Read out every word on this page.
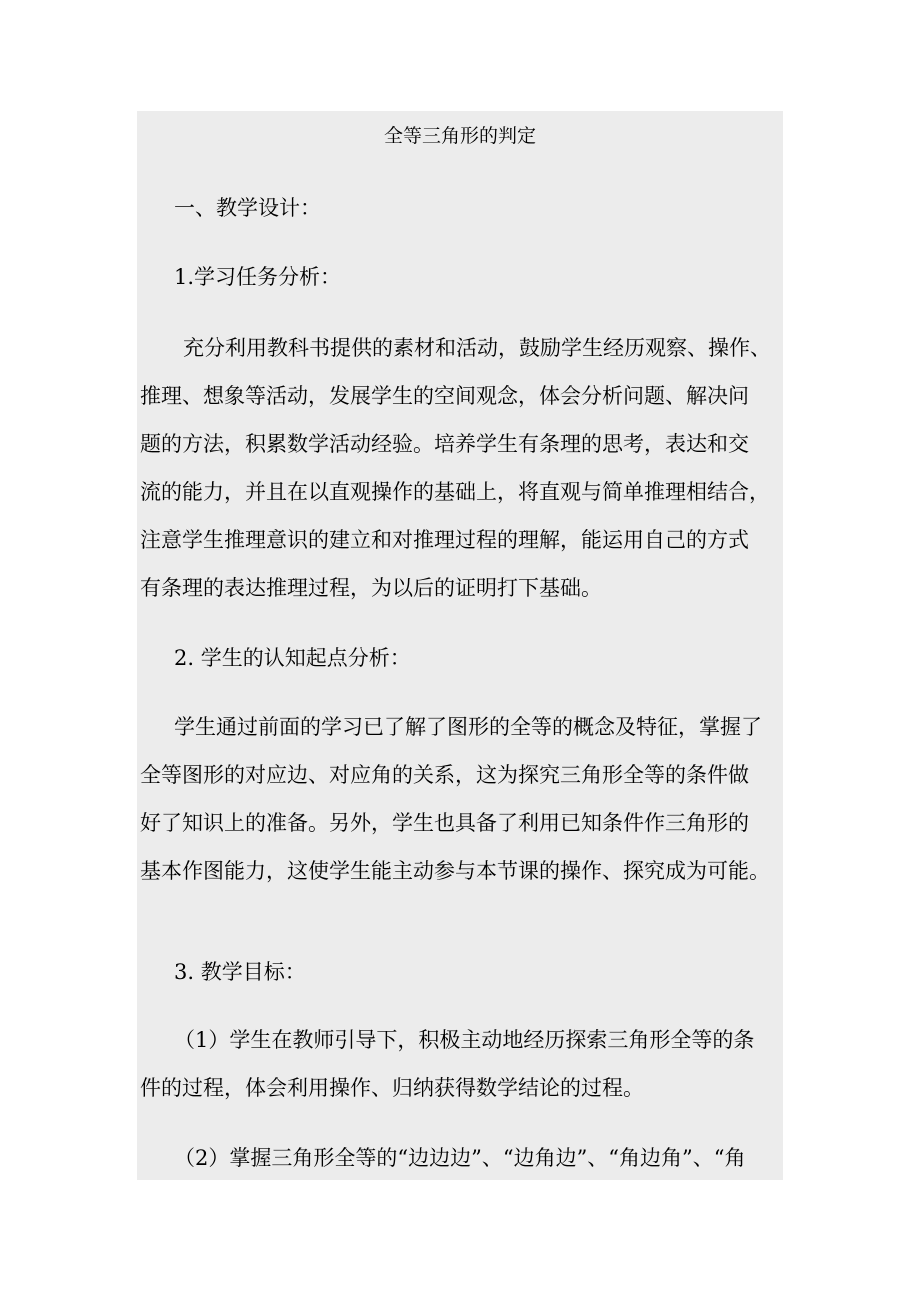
全等三角形的判定
一、教学设计：
1.学习任务分析：
充分利用教科书提供的素材和活动，鼓励学生经历观察、操作、
推理、想象等活动，发展学生的空间观念，体会分析问题、解决问
题的方法，积累数学活动经验。培养学生有条理的思考，表达和交
流的能力，并且在以直观操作的基础上，将直观与简单推理相结合，
注意学生推理意识的建立和对推理过程的理解，能运用自己的方式
有条理的表达推理过程，为以后的证明打下基础。
2. 学生的认知起点分析：
学生通过前面的学习已了解了图形的全等的概念及特征，掌握了
全等图形的对应边、对应角的关系，这为探究三角形全等的条件做
好了知识上的准备。另外，学生也具备了利用已知条件作三角形的
基本作图能力，这使学生能主动参与本节课的操作、探究成为可能。
3. 教学目标：
（1）学生在教师引导下，积极主动地经历探索三角形全等的条
件的过程，体会利用操作、归纳获得数学结论的过程。
（2）掌握三角形全等的“边边边”、“边角边”、“角边角”、“角
